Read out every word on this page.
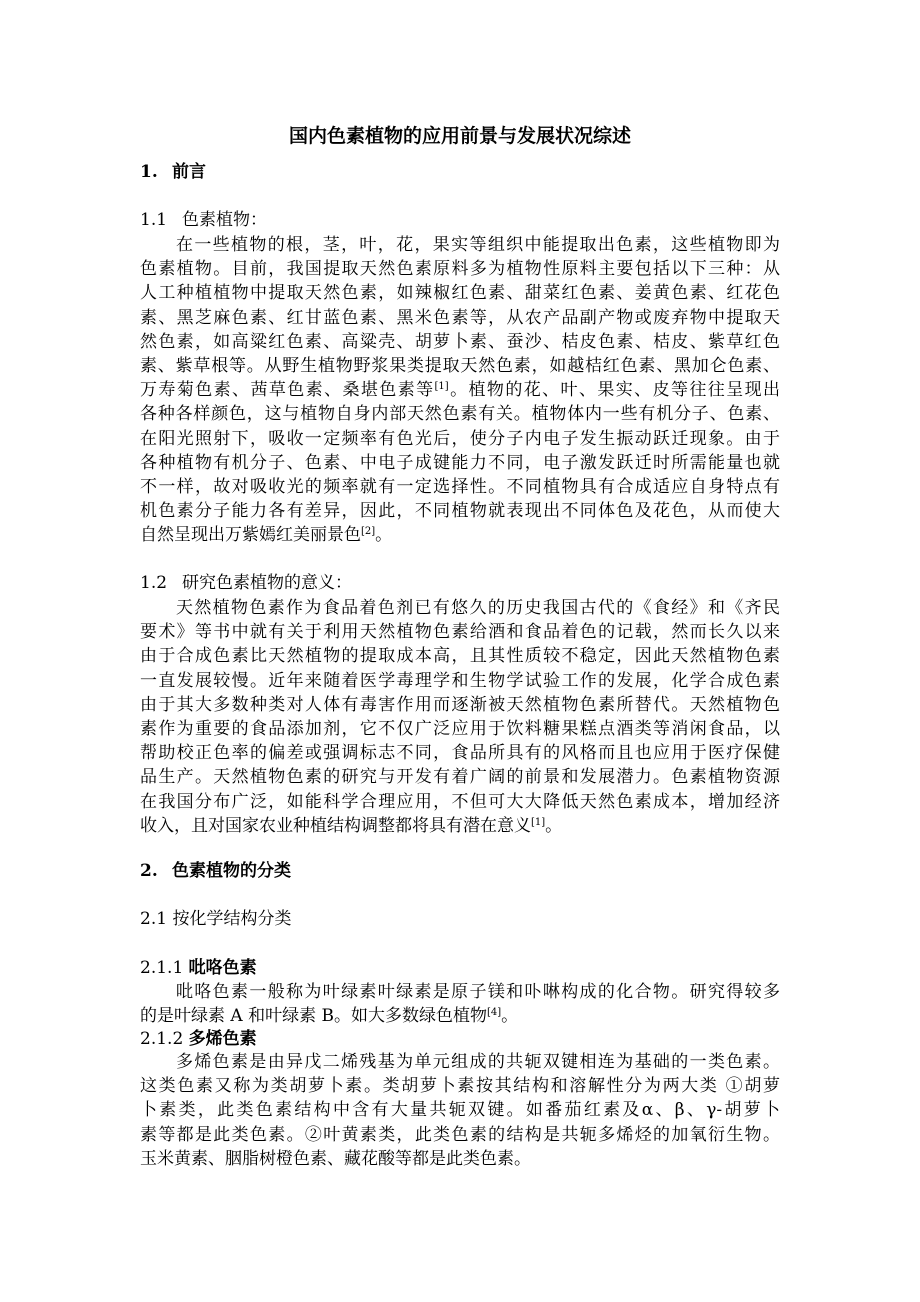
国内色素植物的应用前景与发展状况综述
1. 前言
1.1 色素植物：
在一些植物的根，茎，叶，花，果实等组织中能提取出色素，这些植物即为
色素植物。目前，我国提取天然色素原料多为植物性原料主要包括以下三种：从
人工种植植物中提取天然色素，如辣椒红色素、甜菜红色素、姜黄色素、红花色
素、黑芝麻色素、红甘蓝色素、黑米色素等，从农产品副产物或废弃物中提取天
然色素，如高粱红色素、高粱壳、胡萝卜素、蚕沙、桔皮色素、桔皮、紫草红色
素、紫草根等。从野生植物野浆果类提取天然色素，如越桔红色素、黑加仑色素、
万寿菊色素、茜草色素、桑堪色素等[1]。植物的花、叶、果实、皮等往往呈现出
各种各样颜色，这与植物自身内部天然色素有关。植物体内一些有机分子、色素、
在阳光照射下，吸收一定频率有色光后，使分子内电子发生振动跃迁现象。由于
各种植物有机分子、色素、中电子成键能力不同，电子激发跃迁时所需能量也就
不一样，故对吸收光的频率就有一定选择性。不同植物具有合成适应自身特点有
机色素分子能力各有差异，因此，不同植物就表现出不同体色及花色，从而使大
自然呈现出万紫嫣红美丽景色[2]。
1.2 研究色素植物的意义：
天然植物色素作为食品着色剂已有悠久的历史我国古代的《食经》和《齐民
要术》等书中就有关于利用天然植物色素给酒和食品着色的记载，然而长久以来
由于合成色素比天然植物的提取成本高，且其性质较不稳定，因此天然植物色素
一直发展较慢。近年来随着医学毒理学和生物学试验工作的发展，化学合成色素
由于其大多数种类对人体有毒害作用而逐渐被天然植物色素所替代。天然植物色
素作为重要的食品添加剂，它不仅广泛应用于饮料糖果糕点酒类等消闲食品，以
帮助校正色率的偏差或强调标志不同，食品所具有的风格而且也应用于医疗保健
品生产。天然植物色素的研究与开发有着广阔的前景和发展潜力。色素植物资源
在我国分布广泛，如能科学合理应用，不但可大大降低天然色素成本，增加经济
收入，且对国家农业种植结构调整都将具有潜在意义[1]。
2. 色素植物的分类
2.1 按化学结构分类
2.1.1 吡咯色素
吡咯色素一般称为叶绿素叶绿素是原子镁和卟啉构成的化合物。研究得较多
的是叶绿素 A 和叶绿素 B。如大多数绿色植物[4]。
2.1.2 多烯色素
多烯色素是由异戊二烯残基为单元组成的共轭双键相连为基础的一类色素。
这类色素又称为类胡萝卜素。类胡萝卜素按其结构和溶解性分为两大类 ①胡萝
卜素类，此类色素结构中含有大量共轭双键。如番茄红素及α、β、γ-胡萝卜
素等都是此类色素。②叶黄素类，此类色素的结构是共轭多烯烃的加氧衍生物。
玉米黄素、胭脂树橙色素、藏花酸等都是此类色素。
